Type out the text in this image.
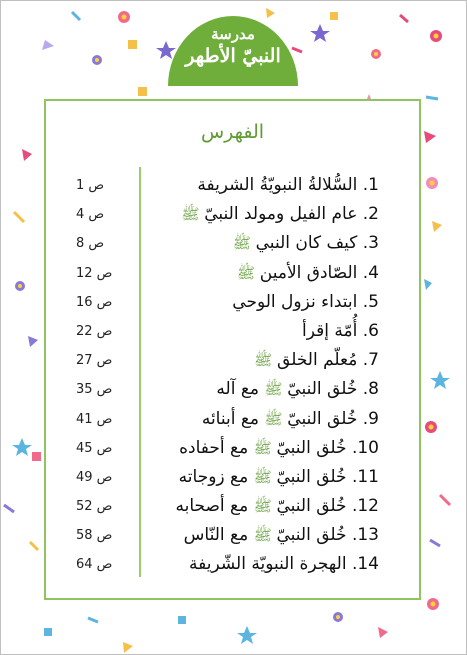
مدرسة
النبيّ الأطهر
الفهرس
1. السُّلالةُ النبويّةُ الشريفة
ص 1
2. عام الفيل ومولد النبيّ ﷺ
ص 4
3. كيف كان النبي ﷺ
ص 8
4. الصّادق الأمين ﷺ
ص 12
5. ابتداء نزول الوحي
ص 16
6. أُمّة إقرأ
ص 22
7. مُعلّم الخلق ﷺ
ص 27
8. خُلق النبيّ ﷺ مع آله
ص 35
9. خُلق النبيّ ﷺ مع أبنائه
ص 41
10. خُلق النبيّ ﷺ مع أحفاده
ص 45
11. خُلق النبيّ ﷺ مع زوجاته
ص 49
12. خُلق النبيّ ﷺ مع أصحابه
ص 52
13. خُلق النبيّ ﷺ مع النّاس
ص 58
14. الهجرة النبويّة الشّريفة
ص 64
